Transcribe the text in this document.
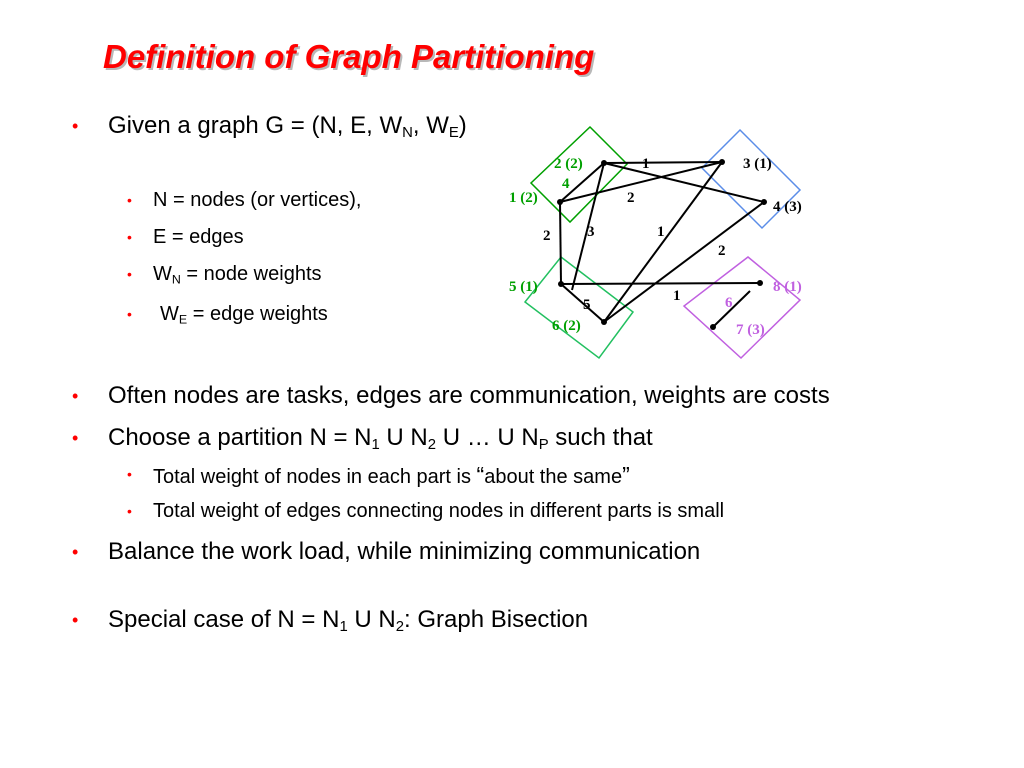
Definition of Graph Partitioning
• Given a graph G = (N, E, $W_N$, $W_E$)
• N = nodes (or vertices),
• E = edges
• $W_N$ = node weights
• $W_E$ = edge weights
• Often nodes are tasks, edges are communication, weights are costs
• Choose a partition $N = N_1$ U $N_2$ U … U $N_P$ such that
• Total weight of nodes in each part is “about the same”
• Total weight of edges connecting nodes in different parts is small
• Balance the work load, while minimizing communication
• Special case of $N = N_1$ U $N_2$: Graph Bisection
2 (2)
1 (2)
3 (1)
4 (3)
5 (1)
6 (2)
8 (1)
7 (3)
1
4
2
2 3	1
2
5
1	6
